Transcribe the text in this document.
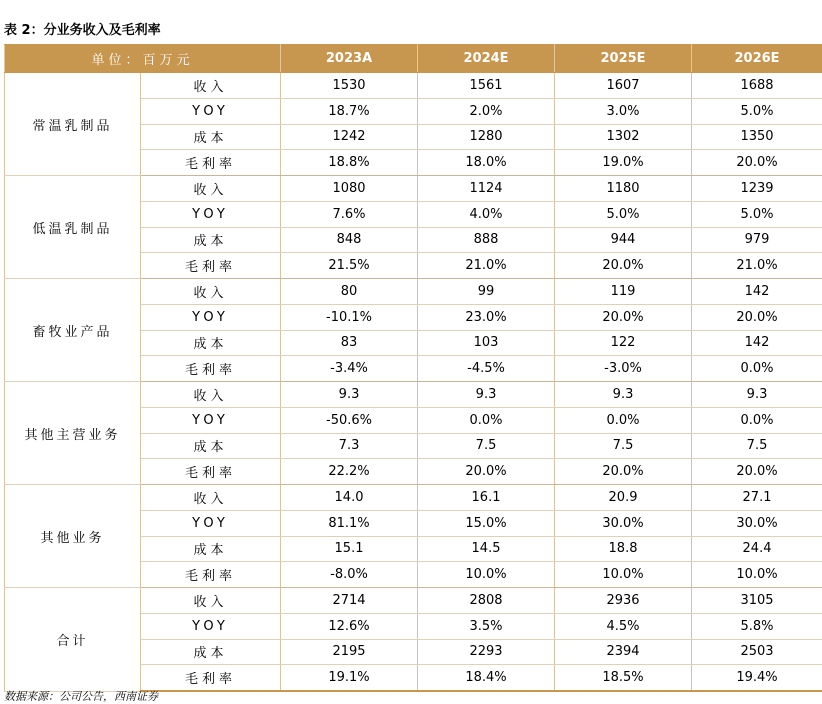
表 2：分业务收入及毛利率
单位：百万元		2023A	2024E	2025E	2026E
常温乳制品	收入	1530	1561	1607	1688
	YOY	18.7%	2.0%	3.0%	5.0%
	成本	1242	1280	1302	1350
	毛利率	18.8%	18.0%	19.0%	20.0%
低温乳制品	收入	1080	1124	1180	1239
	YOY	7.6%	4.0%	5.0%	5.0%
	成本	848	888	944	979
	毛利率	21.5%	21.0%	20.0%	21.0%
畜牧业产品	收入	80	99	119	142
	YOY	-10.1%	23.0%	20.0%	20.0%
	成本	83	103	122	142
	毛利率	-3.4%	-4.5%	-3.0%	0.0%
其他主营业务	收入	9.3	9.3	9.3	9.3
	YOY	-50.6%	0.0%	0.0%	0.0%
	成本	7.3	7.5	7.5	7.5
	毛利率	22.2%	20.0%	20.0%	20.0%
其他业务	收入	14.0	16.1	20.9	27.1
	YOY	81.1%	15.0%	30.0%	30.0%
	成本	15.1	14.5	18.8	24.4
	毛利率	-8.0%	10.0%	10.0%	10.0%
合计	收入	2714	2808	2936	3105
	YOY	12.6%	3.5%	4.5%	5.8%
	成本	2195	2293	2394	2503
	毛利率	19.1%	18.4%	18.5%	19.4%
数据来源：公司公告，西南证券
